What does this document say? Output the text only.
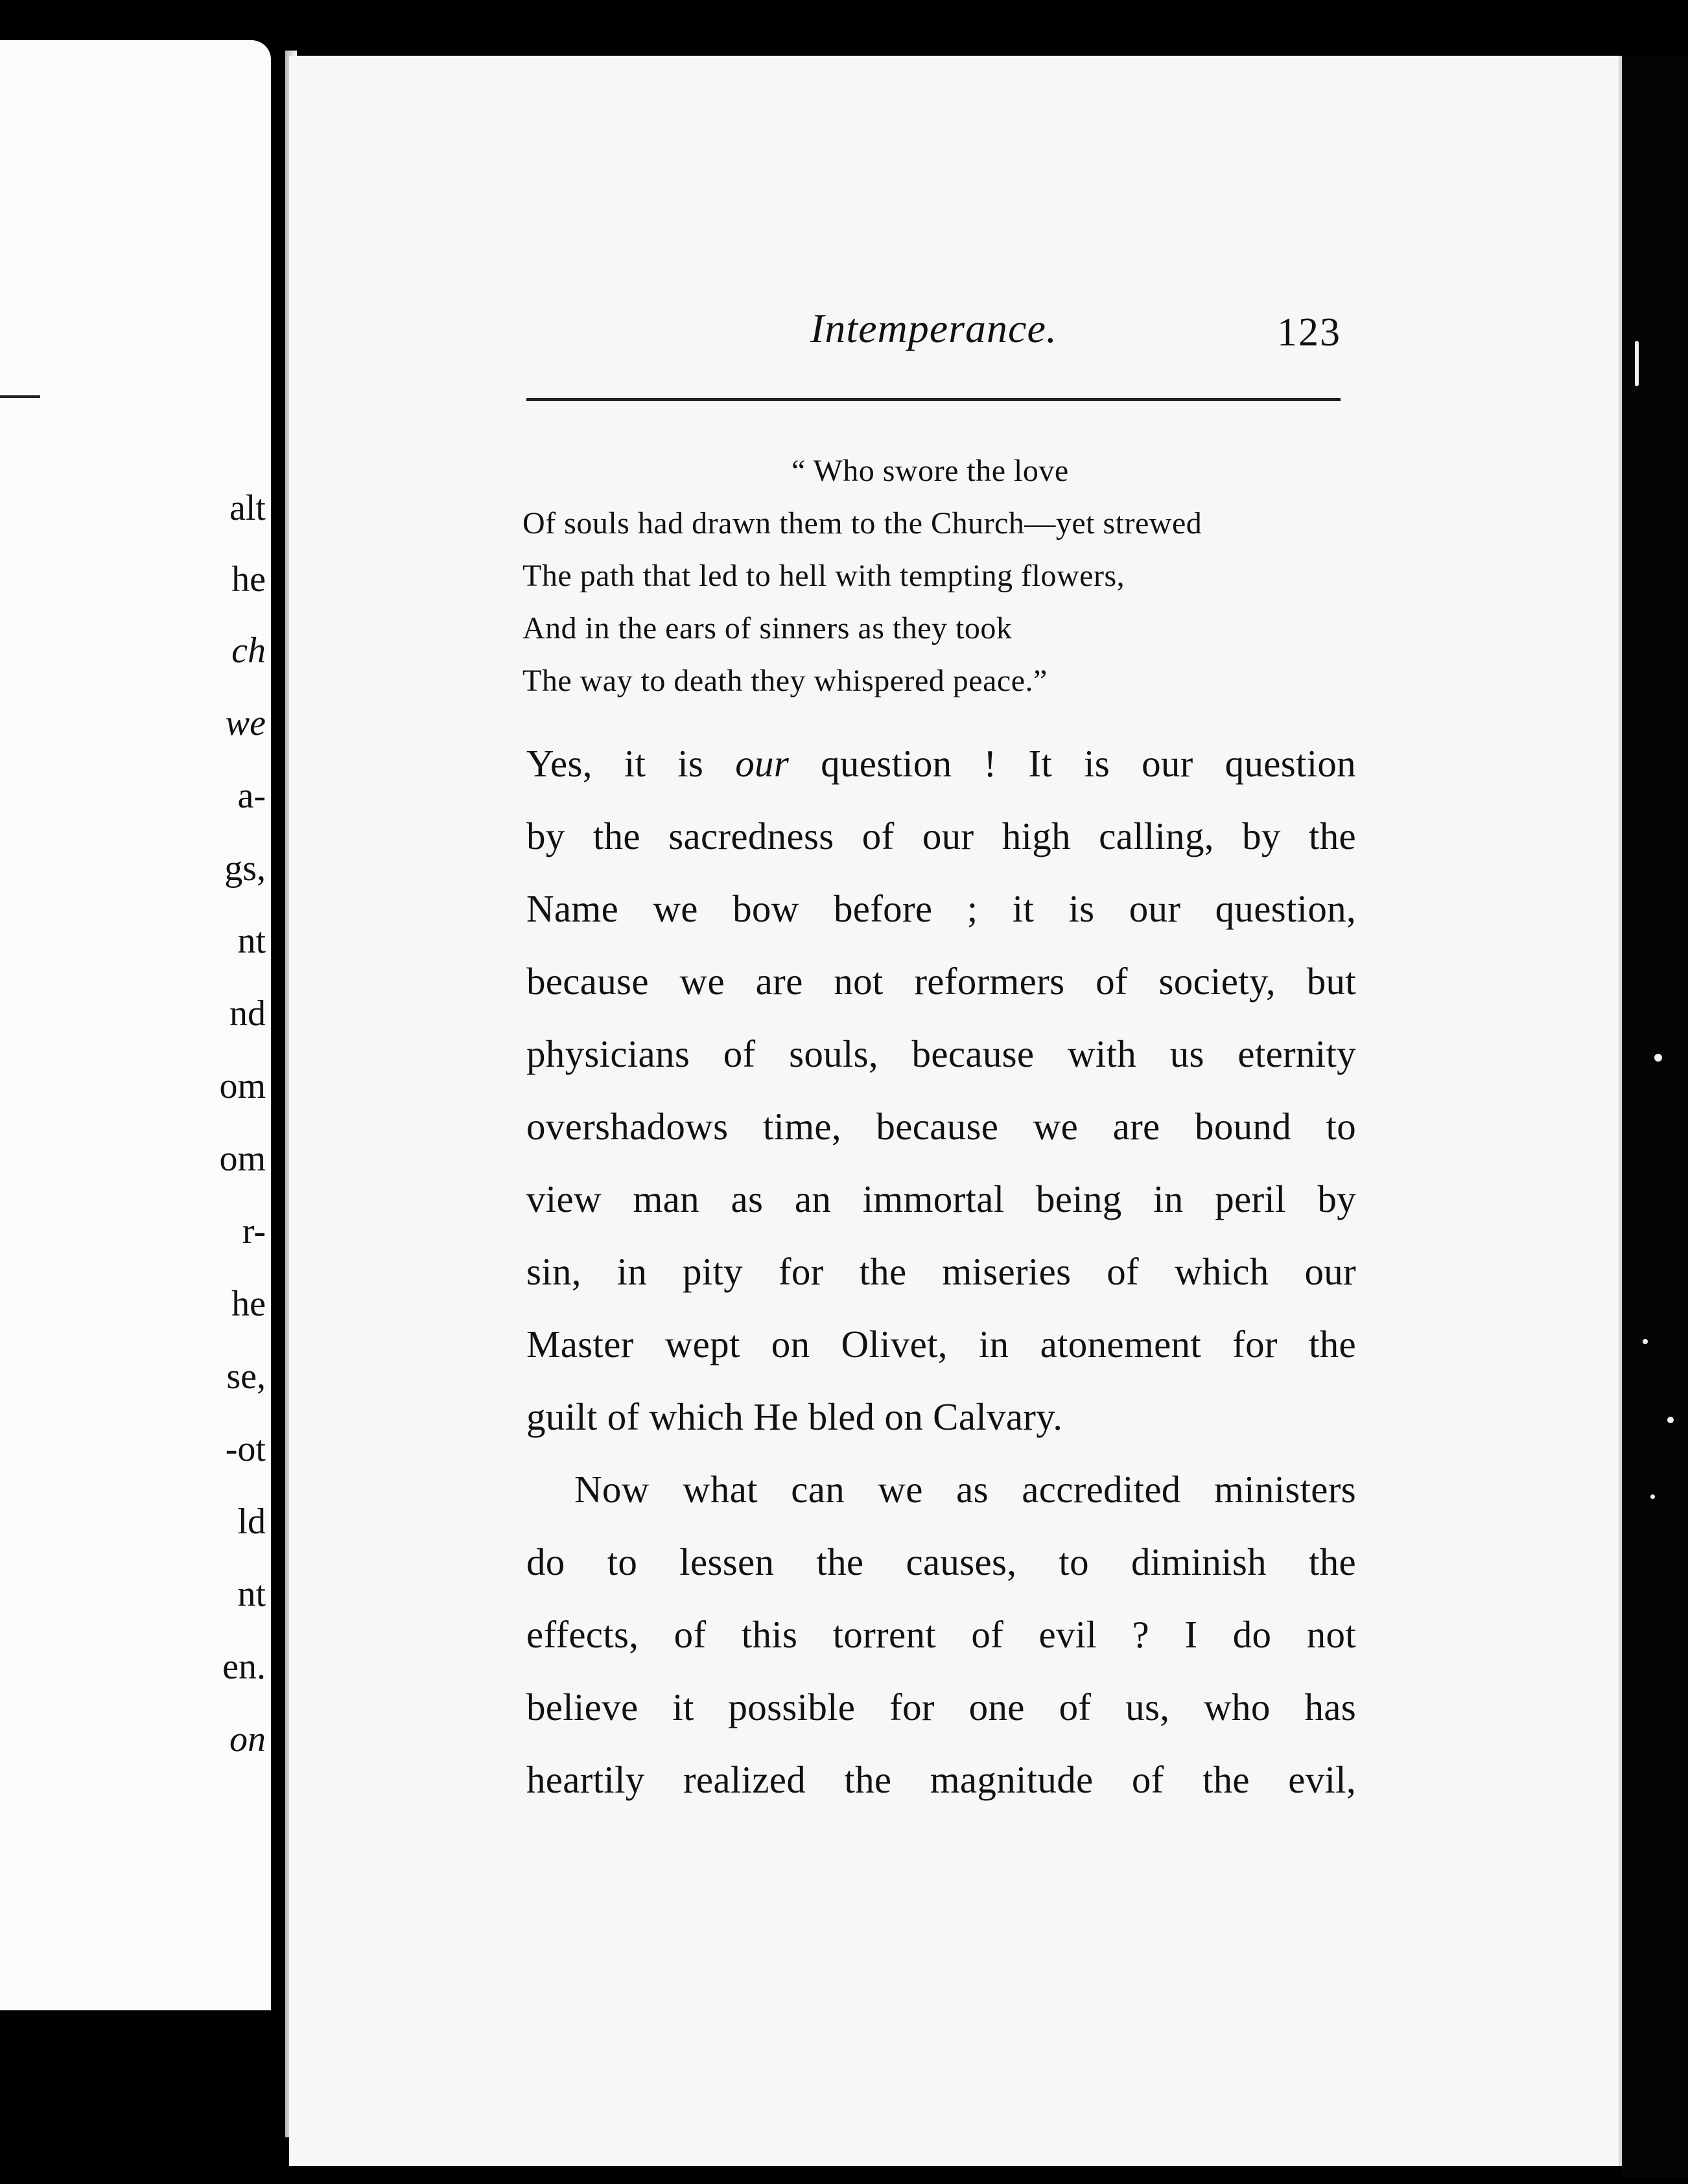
alt
he
ch
we
a-
gs,
nt
nd
om
om
r-
he
se,
-ot
ld
nt
en.
on
Intemperance.	123
“ Who swore the love
Of souls had drawn them to the Church—yet strewed
The path that led to hell with tempting flowers,
And in the ears of sinners as they took
The way to death they whispered peace.”
Yes, it is our question ! It is our question
by the sacredness of our high calling, by the
Name we bow before ; it is our question,
because we are not reformers of society, but
physicians of souls, because with us eternity
overshadows time, because we are bound to
view man as an immortal being in peril by
sin, in pity for the miseries of which our
Master wept on Olivet, in atonement for the
guilt of which He bled on Calvary.
Now what can we as accredited ministers
do to lessen the causes, to diminish the
effects, of this torrent of evil ? I do not
believe it possible for one of us, who has
heartily realized the magnitude of the evil,
